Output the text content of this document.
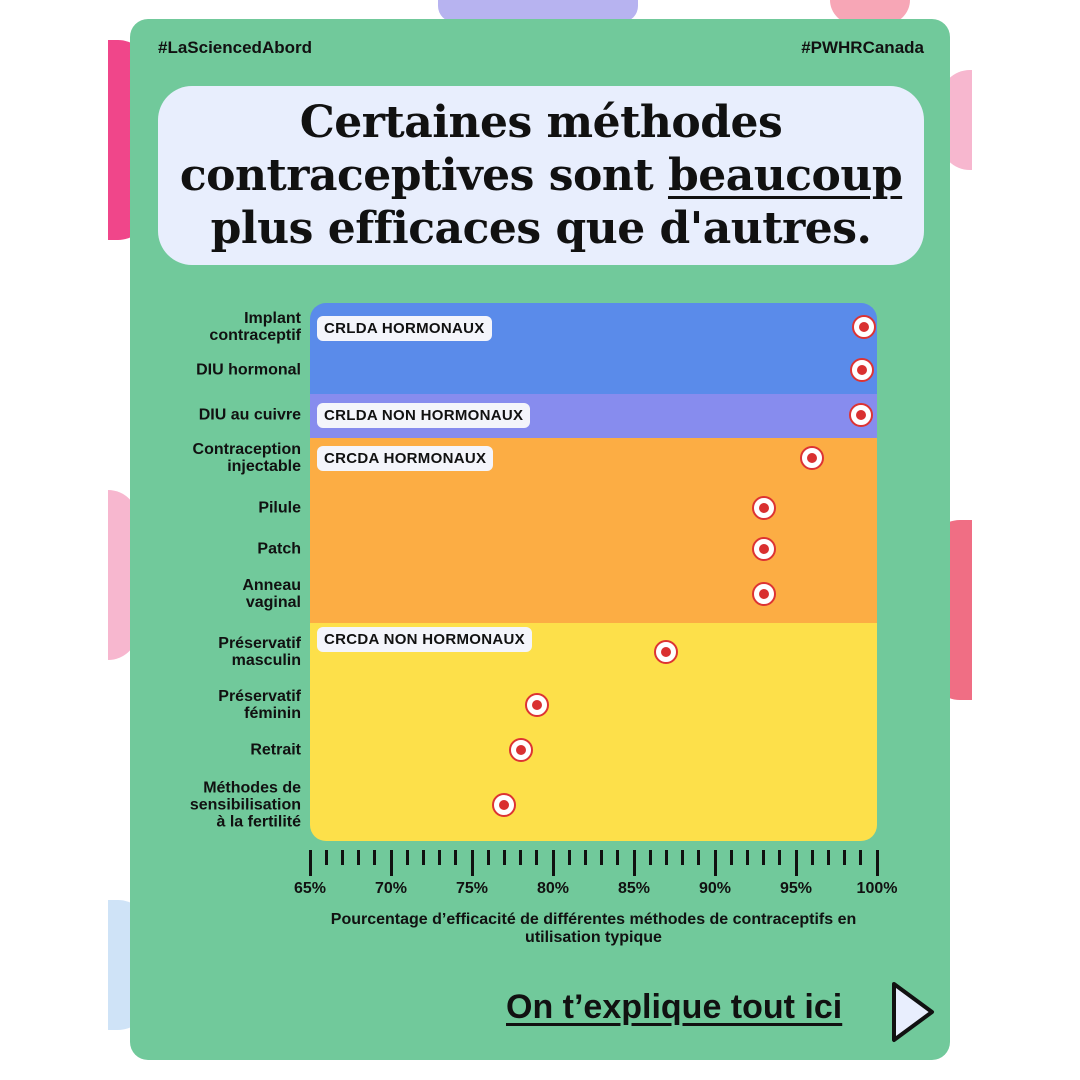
#LaSciencedAbord	#PWHRCanada
Certaines méthodes contraceptives sont beaucoup plus efficaces que d'autres.
CRLDA HORMONAUX
CRLDA NON HORMONAUX
CRCDA HORMONAUX
CRCDA NON HORMONAUX
Implant
contraceptif
DIU hormonal
DIU au cuivre
Contraception
injectable
Pilule
Patch
Anneau
vaginal
Préservatif
masculin
Préservatif
féminin
Retrait
Méthodes de
sensibilisation
à la fertilité
65%	70%	75%	80%	85%	90%	95%	100%
Pourcentage d’efficacité de différentes méthodes de contraceptifs en utilisation typique
On t’explique tout ici
